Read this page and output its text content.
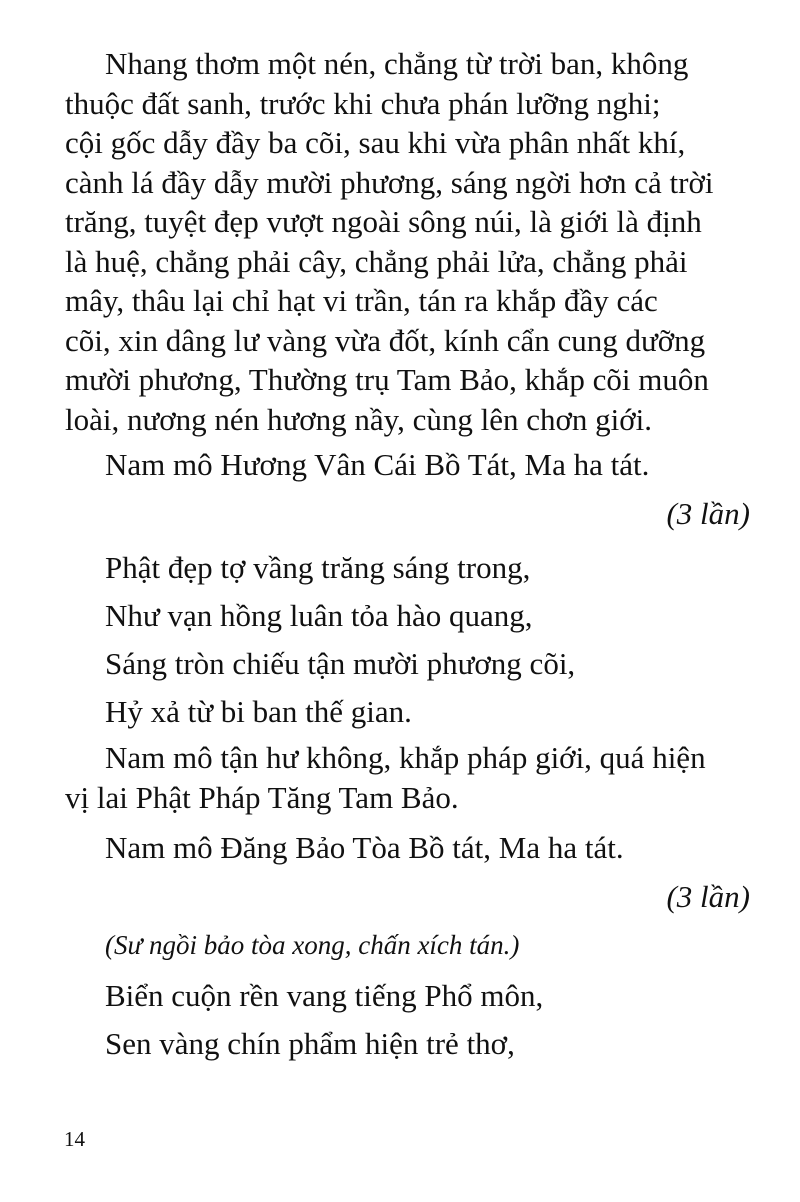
Nhang thơm một nén, chẳng từ trời ban, không
thuộc đất sanh, trước khi chưa phán lưỡng nghi;
cội gốc dẫy đầy ba cõi, sau khi vừa phân nhất khí,
cành lá đầy dẫy mười phương, sáng ngời hơn cả trời
trăng, tuyệt đẹp vượt ngoài sông núi, là giới là định
là huệ, chẳng phải cây, chẳng phải lửa, chẳng phải
mây, thâu lại chỉ hạt vi trần, tán ra khắp đầy các
cõi, xin dâng lư vàng vừa đốt, kính cẩn cung dưỡng
mười phương, Thường trụ Tam Bảo, khắp cõi muôn
loài, nương nén hương nầy, cùng lên chơn giới.
Nam mô Hương Vân Cái Bồ Tát, Ma ha tát.
(3 lần)
Phật đẹp tợ vầng trăng sáng trong,
Như vạn hồng luân tỏa hào quang,
Sáng tròn chiếu tận mười phương cõi,
Hỷ xả từ bi ban thế gian.
Nam mô tận hư không, khắp pháp giới, quá hiện
vị lai Phật Pháp Tăng Tam Bảo.
Nam mô Đăng Bảo Tòa Bồ tát, Ma ha tát.
(3 lần)
(Sư ngồi bảo tòa xong, chấn xích tán.)
Biển cuộn rền vang tiếng Phổ môn,
Sen vàng chín phẩm hiện trẻ thơ,
14
